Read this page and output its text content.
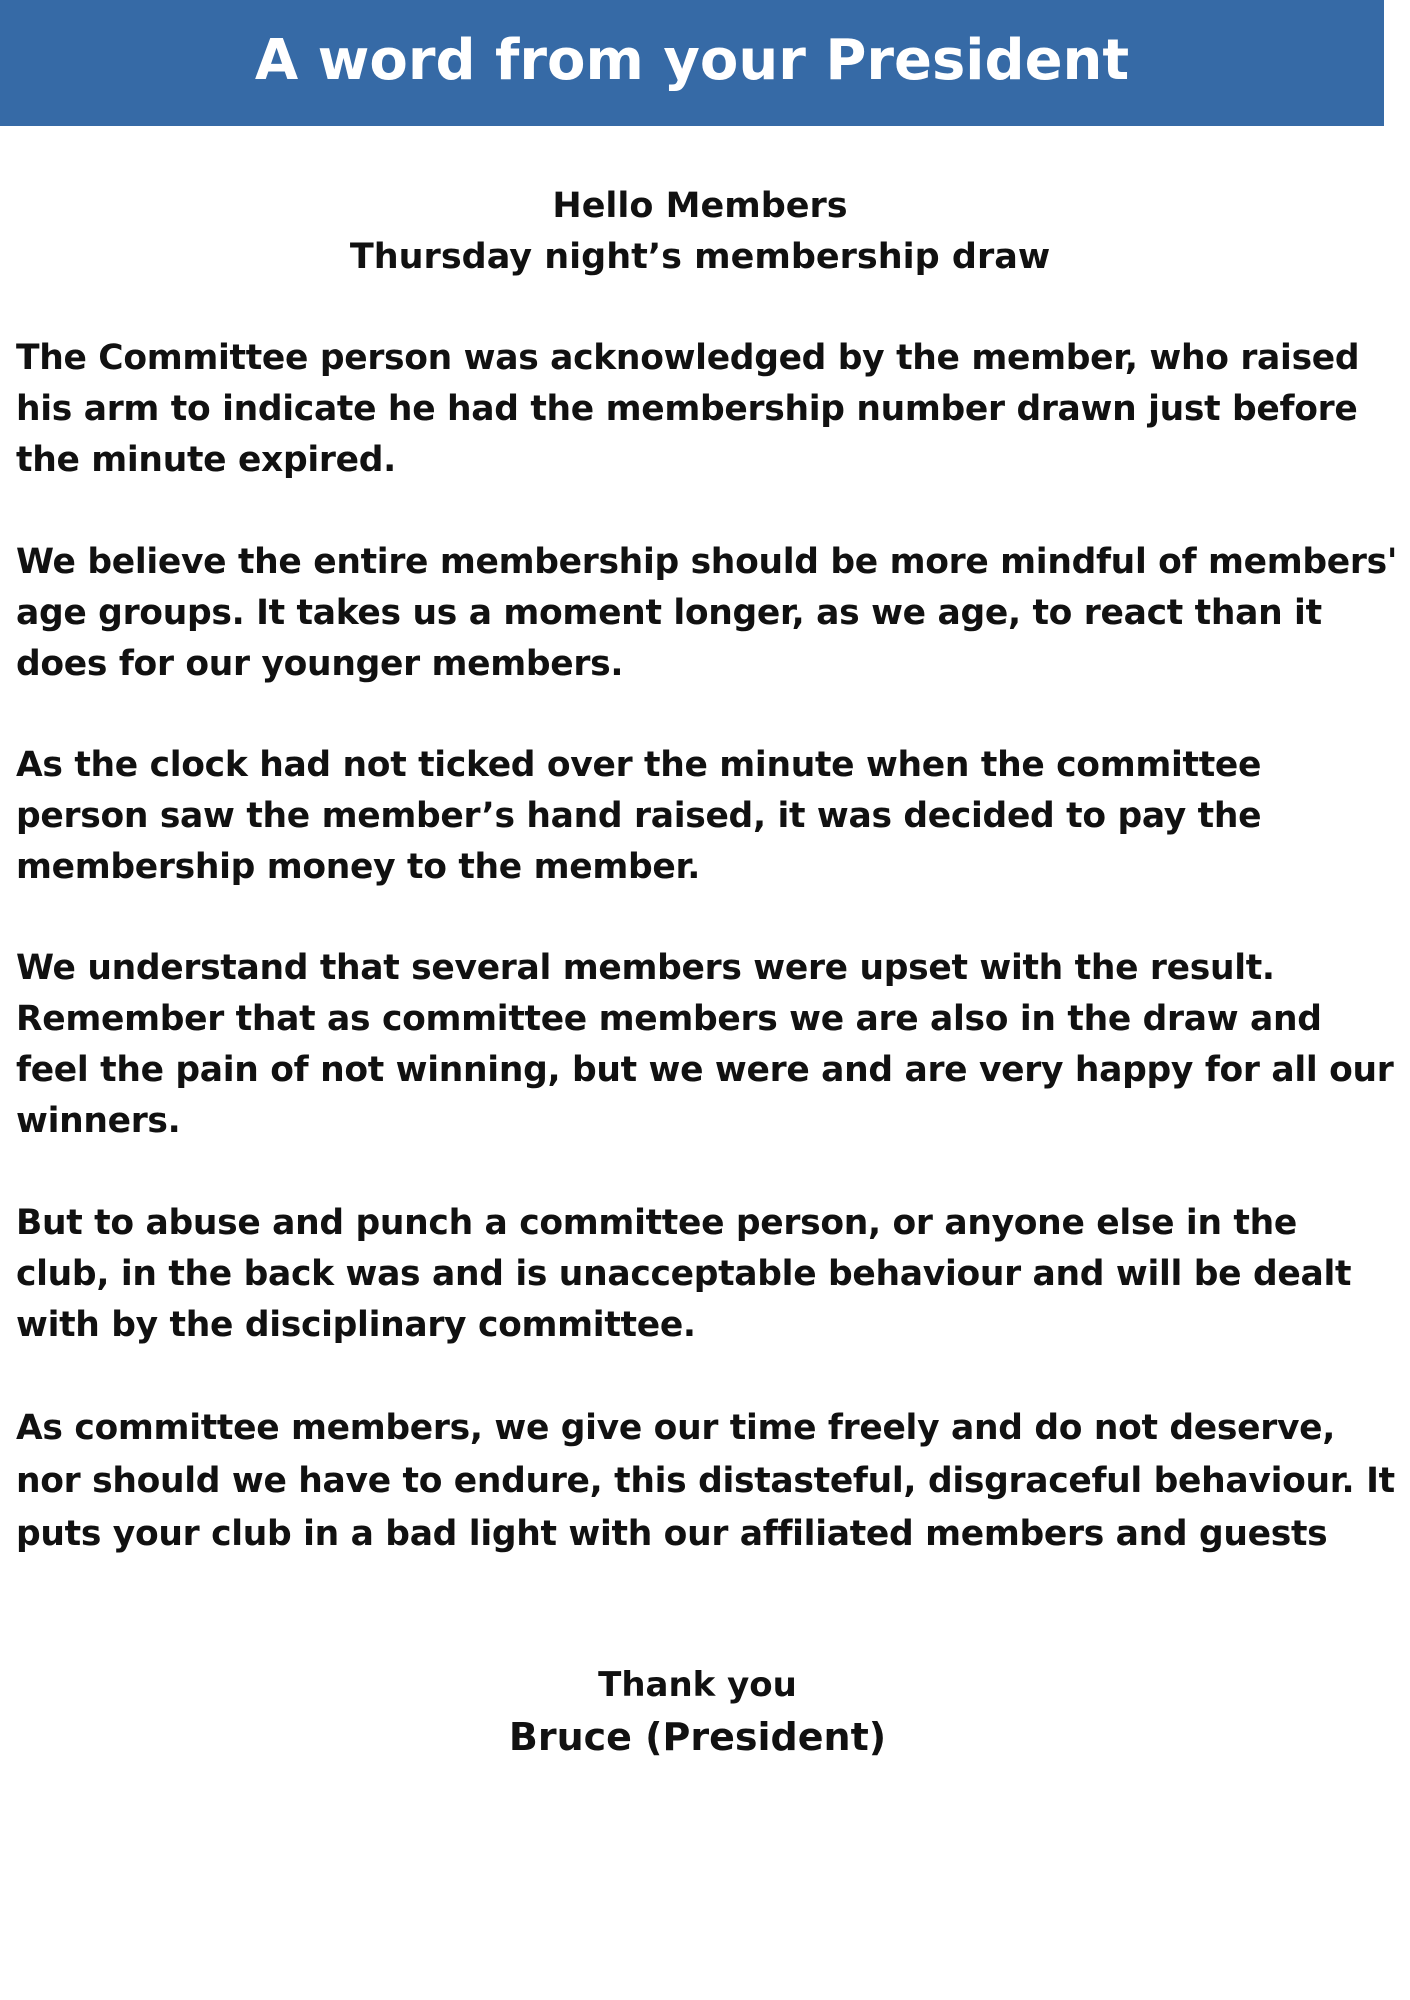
A word from your President
Hello Members
Thursday night’s membership draw
The Committee person was acknowledged by the member, who raised his arm to indicate he had the membership number drawn just before the minute expired.
We believe the entire membership should be more mindful of members' age groups. It takes us a moment longer, as we age, to react than it does for our younger members.
As the clock had not ticked over the minute when the committee person saw the member’s hand raised, it was decided to pay the membership money to the member.
We understand that several members were upset with the result. Remember that as committee members we are also in the draw and feel the pain of not winning, but we were and are very happy for all our winners.
But to abuse and punch a committee person, or anyone else in the club, in the back was and is unacceptable behaviour and will be dealt with by the disciplinary committee.
As committee members, we give our time freely and do not deserve, nor should we have to endure, this distasteful, disgraceful behaviour. It puts your club in a bad light with our affiliated members and guests
Thank you
Bruce (President)
